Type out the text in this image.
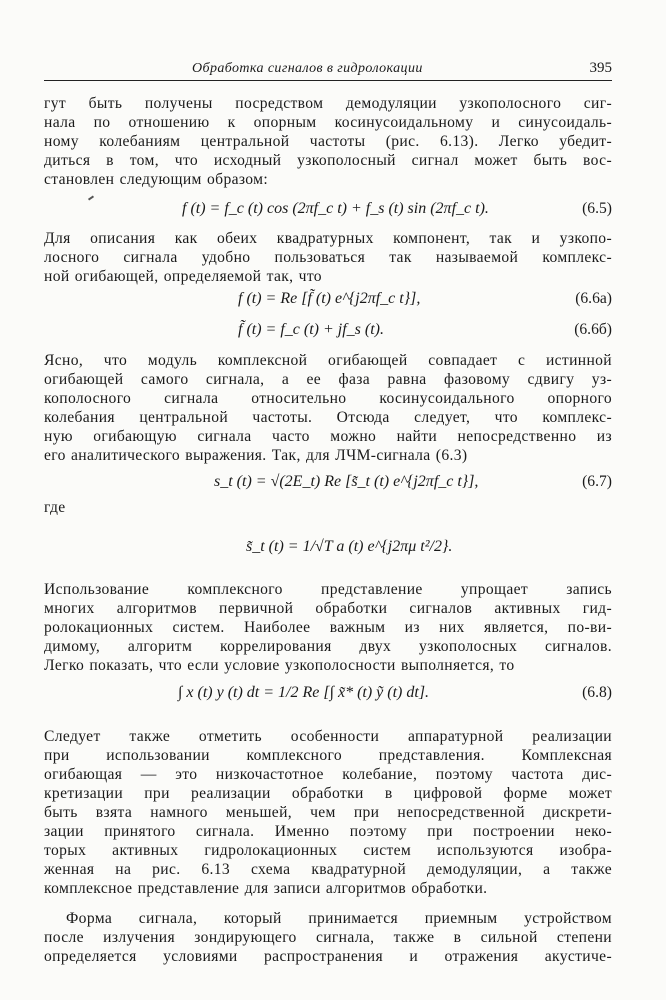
Обработка сигналов в гидролокации	395
гут быть получены посредством демодуляции узкополосного сиг-
нала по отношению к опорным косинусоидальному и синусоидаль-
ному колебаниям центральной частоты (рис. 6.13). Легко убедит-
диться в том, что исходный узкополосный сигнал может быть вос-
становлен следующим образом:
f (t) = f_c (t) cos (2πf_c t) + f_s (t) sin (2πf_c t).	(6.5)
Для описания как обеих квадратурных компонент, так и узкопо-
лосного сигнала удобно пользоваться так называемой комплекс-
ной огибающей, определяемой так, что
f (t) = Re [f̃ (t) e^{j2πf_c t}],	(6.6а)
f̃ (t) = f_c (t) + jf_s (t).	(6.6б)
Ясно, что модуль комплексной огибающей совпадает с истинной
огибающей самого сигнала, а ее фаза равна фазовому сдвигу уз-
кополосного сигнала относительно косинусоидального опорного
колебания центральной частоты. Отсюда следует, что комплекс-
ную огибающую сигнала часто можно найти непосредственно из
его аналитического выражения. Так, для ЛЧМ-сигнала (6.3)
s_t (t) = √(2E_t) Re [s̃_t (t) e^{j2πf_c t}],	(6.7)
где
s̃_t (t) = 1/√T a (t) e^{j2πμ t²/2}.
Использование комплексного представление упрощает запись
многих алгоритмов первичной обработки сигналов активных гид-
ролокационных систем. Наиболее важным из них является, по-ви-
димому, алгоритм коррелирования двух узкополосных сигналов.
Легко показать, что если условие узкополосности выполняется, то
∫ x (t) y (t) dt = 1/2 Re [∫ x̃* (t) ỹ (t) dt].	(6.8)
Следует также отметить особенности аппаратурной реализации
при использовании комплексного представления. Комплексная
огибающая — это низкочастотное колебание, поэтому частота дис-
кретизации при реализации обработки в цифровой форме может
быть взята намного меньшей, чем при непосредственной дискрети-
зации принятого сигнала. Именно поэтому при построении неко-
торых активных гидролокационных систем используются изобра-
женная на рис. 6.13 схема квадратурной демодуляции, а также
комплексное представление для записи алгоритмов обработки.
Форма сигнала, который принимается приемным устройством
после излучения зондирующего сигнала, также в сильной степени
определяется условиями распространения и отражения акустиче-
